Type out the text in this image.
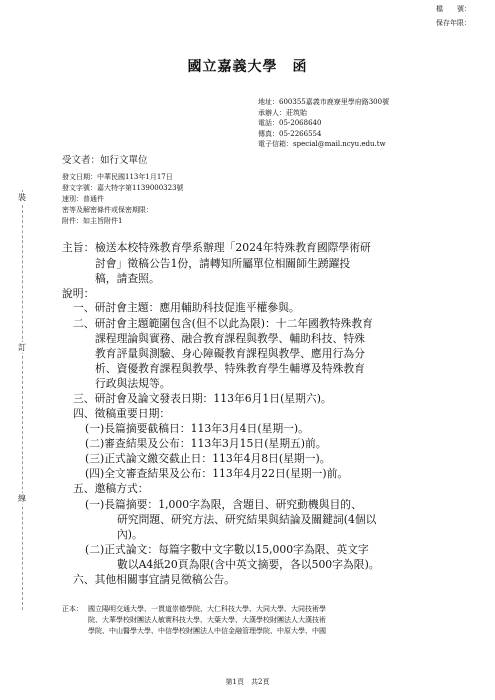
檔　　號：
保存年限：
國立嘉義大學　函
地址：600355嘉義市鹿寮里學府路300號
承辦人：莊筑貽
電話：05-2068640
傳真：05-2266554
電子信箱：special@mail.ncyu.edu.tw
受文者：如行文單位
發文日期：中華民國113年1月17日
發文字號：嘉大特字第1139000323號
速別：普通件
密等及解密條件或保密期限：
附件：如主旨附件1
裝
訂
線
主旨： 檢送本校特殊教育學系辦理「2024年特殊教育國際學術研
討會」徵稿公告1份，請轉知所屬單位相關師生踴躍投
稿，請查照。
說明：
一、研討會主題：應用輔助科技促進平權參與。
二、研討會主題範圍包含(但不以此為限)：十二年國教特殊教育
課程理論與實務、融合教育課程與教學、輔助科技、特殊
教育評量與測驗、身心障礙教育課程與教學、應用行為分
析、資優教育課程與教學、特殊教育學生輔導及特殊教育
行政與法規等。
三、研討會及論文發表日期：113年6月1日(星期六)。
四、徵稿重要日期：
(一)長篇摘要截稿日：113年3月4日(星期一)。
(二)審查結果及公布：113年3月15日(星期五)前。
(三)正式論文繳交截止日：113年4月8日(星期一)。
(四)全文審查結果及公布：113年4月22日(星期一)前。
五、邀稿方式：
(一)長篇摘要：1,000字為限，含題目、研究動機與目的、
研究問題、研究方法、研究結果與結論及關鍵詞(4個以
內)。
(二)正式論文：每篇字數中文字數以15,000字為限、英文字
數以A4紙20頁為限(含中英文摘要，各以500字為限)。
六、其他相關事宜請見徵稿公告。
正本： 國立陽明交通大學、一貫道崇德學院、大仁科技大學、大同大學、大同技術學
院、大華學校財團法人敏實科技大學、大葉大學、大漢學校財團法人大漢技術
學院、中山醫學大學、中信學校財團法人中信金融管理學院、中原大學、中國
第1頁　共2頁
